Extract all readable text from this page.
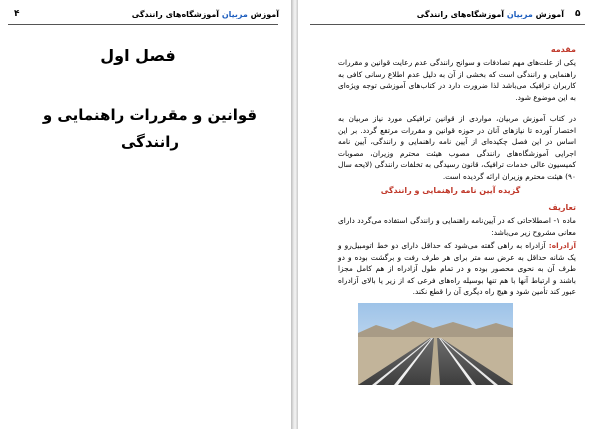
۴	آموزش مربیان آموزشگاه‌های رانندگی
فصل اول
قوانین و مقررات راهنمایی و رانندگی
۵
آموزش مربیان آموزشگاه‌های رانندگی
مقدمه

یکی از علت‌های مهم تصادفات و سوانح رانندگی عدم رعایت قوانین و مقررات راهنمایی و رانندگی است که بخشی از آن به دلیل عدم اطلاع رسانی کافی به کاربران ترافیک می‌باشد لذا ضرورت دارد در کتاب‌های آموزشی توجه ویژه‌ای به این موضوع شود.

در کتاب آموزش مربیان، مواردی از قوانین ترافیکی مورد نیاز مربیان به اختصار آورده تا نیازهای آنان در حوزه قوانین و مقررات مرتفع گردد. بر این اساس در این فصل چکیده‌ای از آیین نامه راهنمایی و رانندگی، آیین نامه اجرایی آموزشگاه‌های رانندگی مصوب هیئت محترم وزیران، مصوبات کمیسیون عالی خدمات ترافیک، قانون رسیدگی به تخلفات رانندگی (لایحه سال ۹۰) هیئت محترم وزیران ارائه گردیده است.

گزیده آیین نامه راهنمایی و رانندگی
تعاریف

ماده ۱- اصطلاحاتی که در آیین‌نامه راهنمایی و رانندگی استفاده می‌گردد دارای معانی مشروح زیر می‌باشد:

آزادراه: آزادراه به راهی گفته می‌شود که حداقل دارای دو خط اتومبیل‌رو و یک شانه حداقل به عرض سه متر برای هر طرف رفت و برگشت بوده و دو طرف آن به نحوی محصور بوده و در تمام طول آزادراه از هم کامل مجزا باشند و ارتباط آنها با هم تنها بوسیله راه‌های فرعی که از زیر یا بالای آزادراه عبور کند تأمین شود و هیچ راه دیگری آن را قطع نکند.
